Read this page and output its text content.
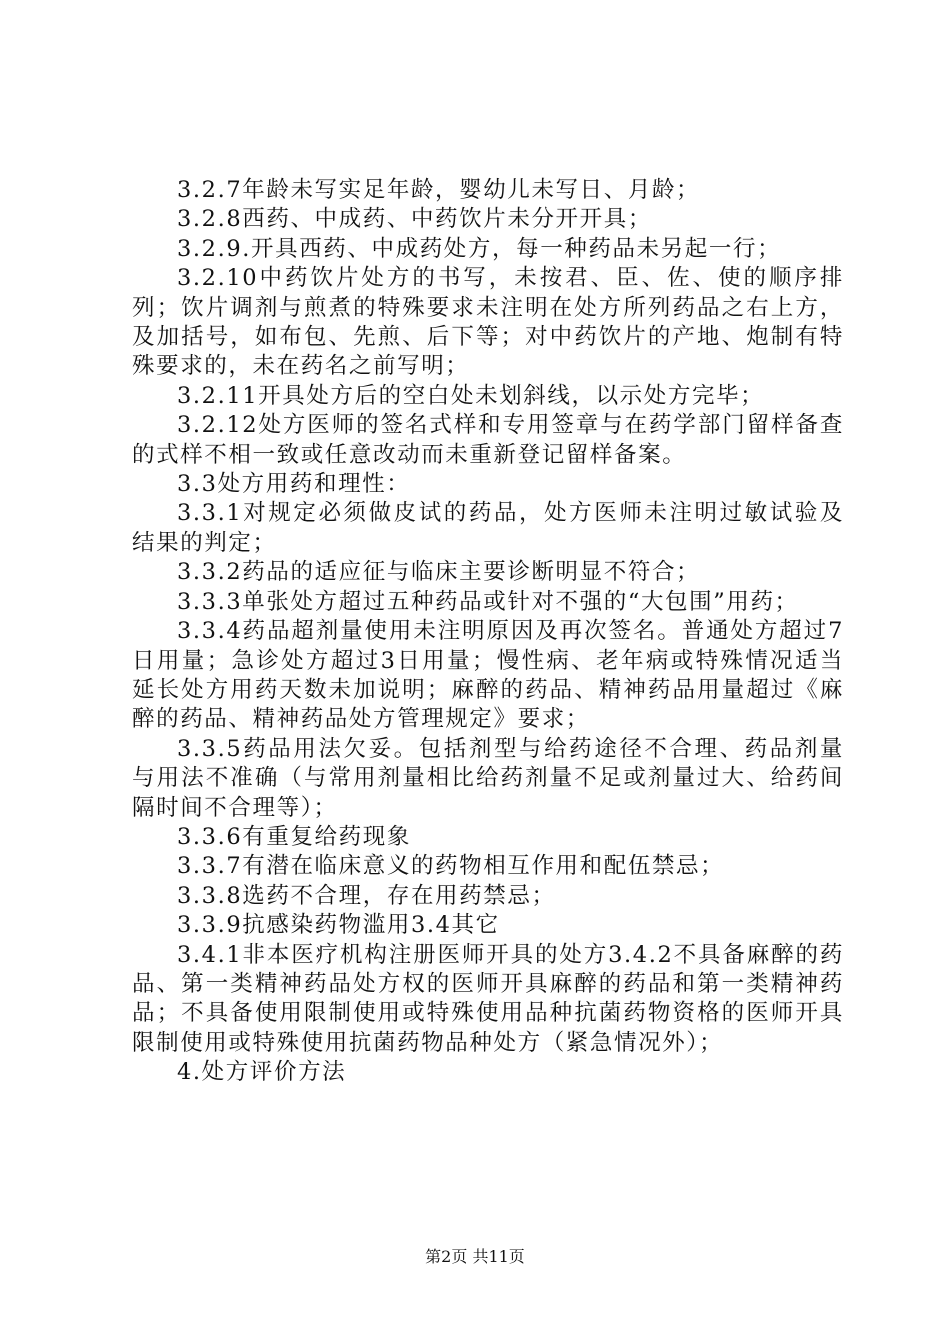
3.2.7年龄未写实足年龄，婴幼儿未写日、月龄；

3.2.8西药、中成药、中药饮片未分开开具；

3.2.9.开具西药、中成药处方，每一种药品未另起一行；

3.2.10中药饮片处方的书写，未按君、臣、佐、使的顺序排列；饮片调剂与煎煮的特殊要求未注明在处方所列药品之右上方，及加括号，如布包、先煎、后下等；对中药饮片的产地、炮制有特殊要求的，未在药名之前写明；

3.2.11开具处方后的空白处未划斜线，以示处方完毕；

3.2.12处方医师的签名式样和专用签章与在药学部门留样备查的式样不相一致或任意改动而未重新登记留样备案。

3.3处方用药和理性：

3.3.1对规定必须做皮试的药品，处方医师未注明过敏试验及结果的判定；

3.3.2药品的适应征与临床主要诊断明显不符合；

3.3.3单张处方超过五种药品或针对不强的“大包围”用药；

3.3.4药品超剂量使用未注明原因及再次签名。普通处方超过7日用量；急诊处方超过3日用量；慢性病、老年病或特殊情况适当延长处方用药天数未加说明；麻醉的药品、精神药品用量超过《麻醉的药品、精神药品处方管理规定》要求；

3.3.5药品用法欠妥。包括剂型与给药途径不合理、药品剂量与用法不准确（与常用剂量相比给药剂量不足或剂量过大、给药间隔时间不合理等）；

3.3.6有重复给药现象

3.3.7有潜在临床意义的药物相互作用和配伍禁忌；

3.3.8选药不合理，存在用药禁忌；

3.3.9抗感染药物滥用3.4其它

3.4.1非本医疗机构注册医师开具的处方3.4.2不具备麻醉的药品、第一类精神药品处方权的医师开具麻醉的药品和第一类精神药品；不具备使用限制使用或特殊使用品种抗菌药物资格的医师开具限制使用或特殊使用抗菌药物品种处方（紧急情况外）；

4.处方评价方法

第2页 共11页
